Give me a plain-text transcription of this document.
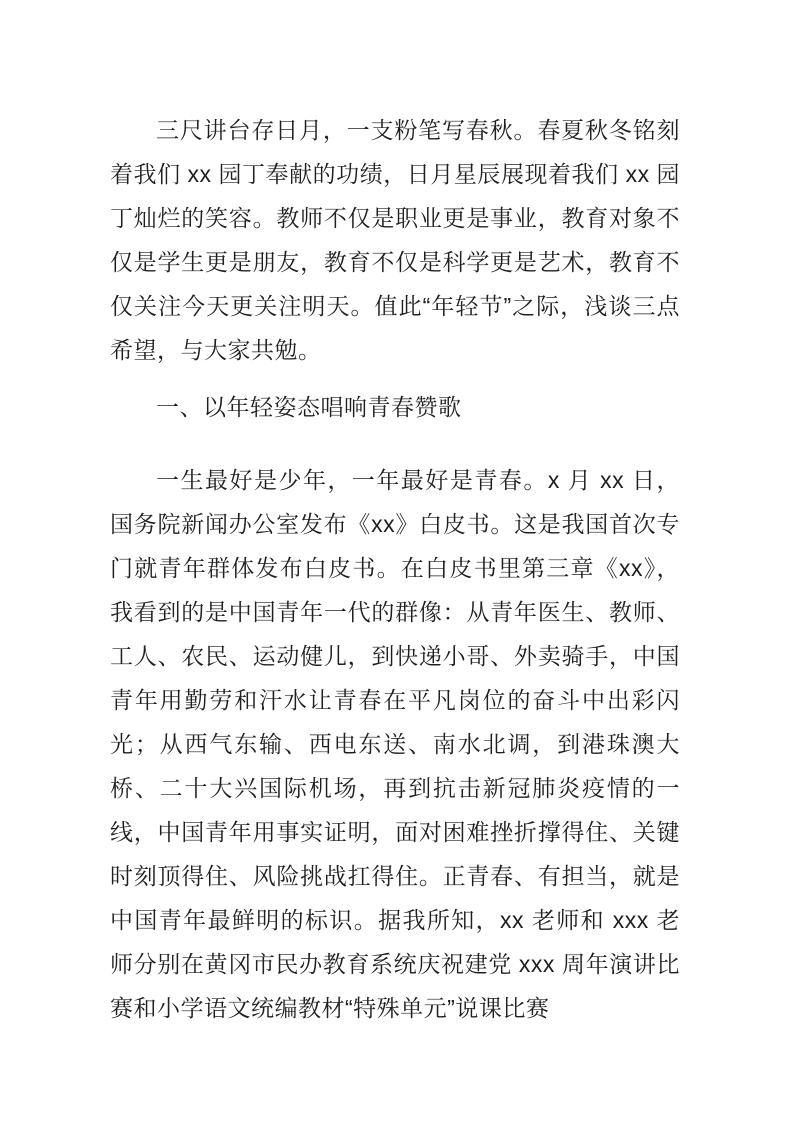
三尺讲台存日月，一支粉笔写春秋。春夏秋冬铭刻着我们 xx 园丁奉献的功绩，日月星辰展现着我们 xx 园丁灿烂的笑容。教师不仅是职业更是事业，教育对象不仅是学生更是朋友，教育不仅是科学更是艺术，教育不仅关注今天更关注明天。值此“年轻节”之际，浅谈三点希望，与大家共勉。

一、以年轻姿态唱响青春赞歌

一生最好是少年，一年最好是青春。x 月 xx 日，国务院新闻办公室发布《xx》白皮书。这是我国首次专门就青年群体发布白皮书。在白皮书里第三章《xx》，我看到的是中国青年一代的群像：从青年医生、教师、工人、农民、运动健儿，到快递小哥、外卖骑手，中国青年用勤劳和汗水让青春在平凡岗位的奋斗中出彩闪光；从西气东输、西电东送、南水北调，到港珠澳大桥、二十大兴国际机场，再到抗击新冠肺炎疫情的一线，中国青年用事实证明，面对困难挫折撑得住、关键时刻顶得住、风险挑战扛得住。正青春、有担当，就是中国青年最鲜明的标识。据我所知，xx 老师和 xxx 老师分别在黄冈市民办教育系统庆祝建党 xxx 周年演讲比赛和小学语文统编教材“特殊单元”说课比赛
